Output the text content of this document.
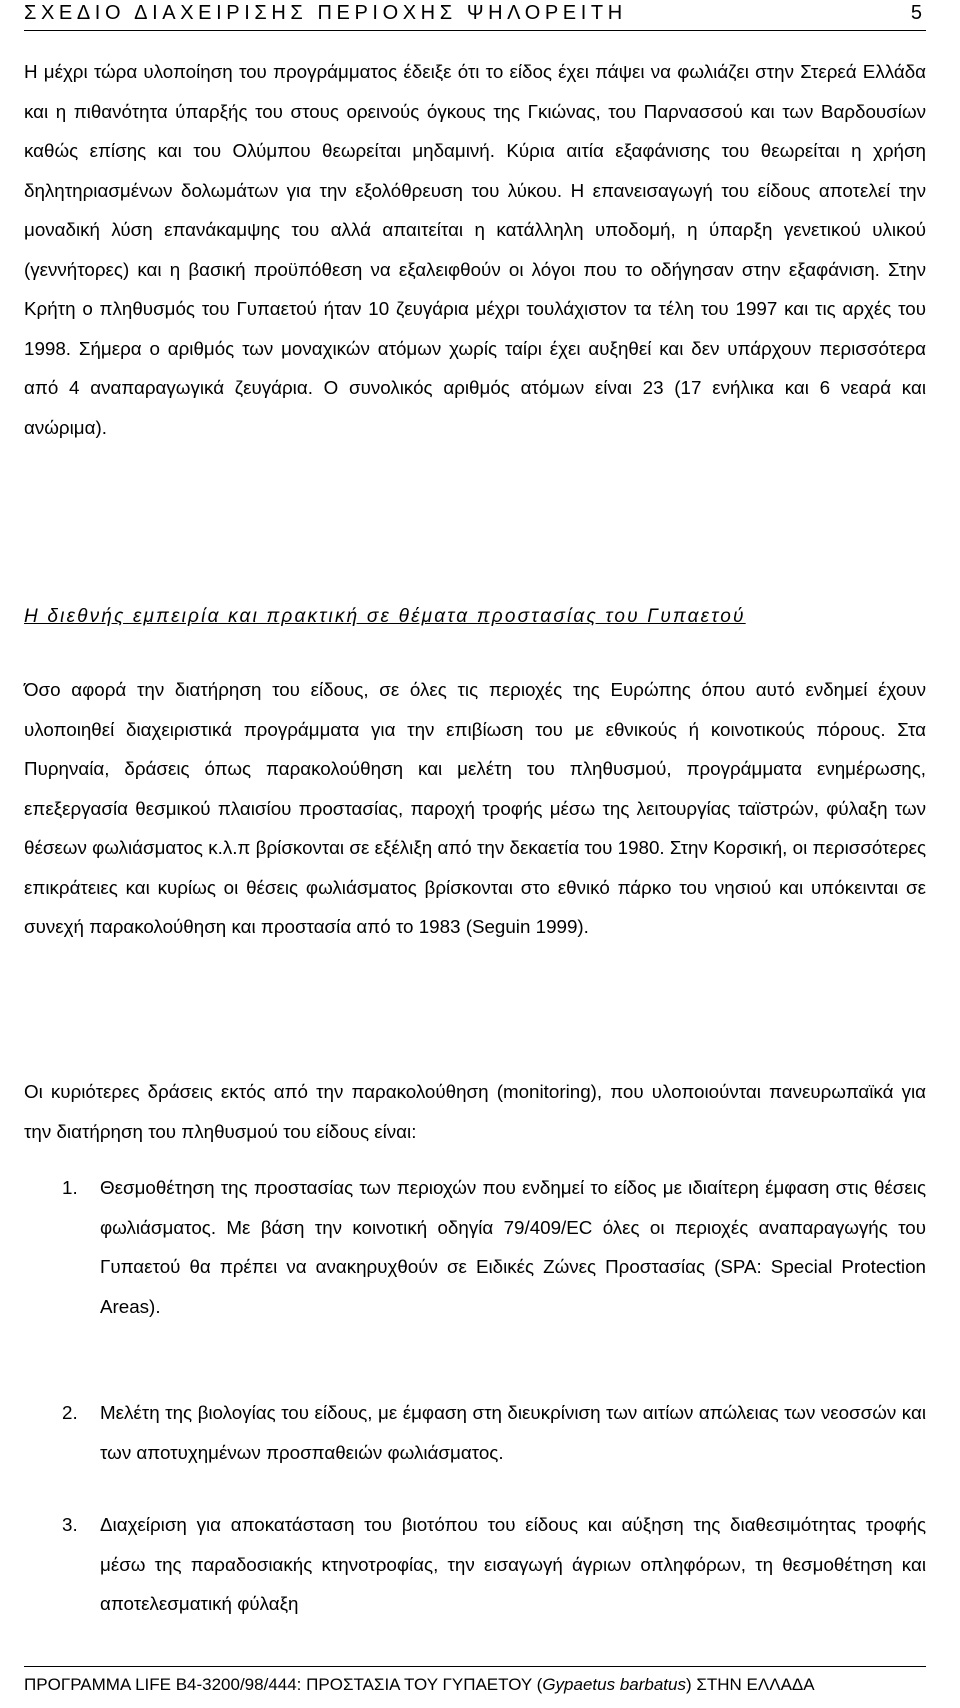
ΣΧΕΔΙΟ ΔΙΑΧΕΙΡΙΣΗΣ ΠΕΡΙΟΧΗΣ ΨΗΛΟΡΕΙΤΗ	5

Η μέχρι τώρα υλοποίηση του προγράμματος έδειξε ότι το είδος έχει πάψει να φωλιάζει στην Στερεά Ελλάδα και η πιθανότητα ύπαρξής του στους ορεινούς όγκους της Γκιώνας, του Παρνασσού και των Βαρδουσίων καθώς επίσης και του Ολύμπου θεωρείται μηδαμινή. Κύρια αιτία εξαφάνισης του θεωρείται η χρήση δηλητηριασμένων δολωμάτων για την εξολόθρευση του λύκου. Η επανεισαγωγή του είδους αποτελεί την μοναδική λύση επανάκαμψης του αλλά απαιτείται η κατάλληλη υποδομή, η ύπαρξη γενετικού υλικού (γεννήτορες) και η βασική προϋπόθεση να εξαλειφθούν οι λόγοι που το οδήγησαν στην εξαφάνιση. Στην Κρήτη ο πληθυσμός του Γυπαετού ήταν 10 ζευγάρια μέχρι τουλάχιστον τα τέλη του 1997 και τις αρχές του 1998. Σήμερα ο αριθμός των μοναχικών ατόμων χωρίς ταίρι έχει αυξηθεί και δεν υπάρχουν περισσότερα από 4 αναπαραγωγικά ζευγάρια. Ο συνολικός αριθμός ατόμων είναι 23 (17 ενήλικα και 6 νεαρά και ανώριμα).

Η διεθνής εμπειρία και πρακτική σε θέματα προστασίας του Γυπαετού

Όσο αφορά την διατήρηση του είδους, σε όλες τις περιοχές της Ευρώπης όπου αυτό ενδημεί έχουν υλοποιηθεί διαχειριστικά προγράμματα για την επιβίωση του με εθνικούς ή κοινοτικούς πόρους. Στα Πυρηναία, δράσεις όπως παρακολούθηση και μελέτη του πληθυσμού, προγράμματα ενημέρωσης, επεξεργασία θεσμικού πλαισίου προστασίας, παροχή τροφής μέσω της λειτουργίας ταϊστρών, φύλαξη των θέσεων φωλιάσματος κ.λ.π βρίσκονται σε εξέλιξη από την δεκαετία του 1980. Στην Κορσική, οι περισσότερες επικράτειες και κυρίως οι θέσεις φωλιάσματος βρίσκονται στο εθνικό πάρκο του νησιού και υπόκεινται σε συνεχή παρακολούθηση και προστασία από το 1983 (Seguin 1999).

Οι κυριότερες δράσεις εκτός από την παρακολούθηση (monitoring), που υλοποιούνται πανευρωπαϊκά για την διατήρηση του πληθυσμού του είδους είναι:

1.	Θεσμοθέτηση της προστασίας των περιοχών που ενδημεί το είδος με ιδιαίτερη έμφαση στις θέσεις φωλιάσματος. Με βάση την κοινοτική οδηγία 79/409/ΕC όλες οι περιοχές αναπαραγωγής του Γυπαετού θα πρέπει να ανακηρυχθούν σε Ειδικές Ζώνες Προστασίας (SPA: Special Protection Areas).
2.	Μελέτη της βιολογίας του είδους, με έμφαση στη διευκρίνιση των αιτίων απώλειας των νεοσσών και των αποτυχημένων προσπαθειών φωλιάσματος.
3.	Διαχείριση για αποκατάσταση του βιοτόπου του είδους και αύξηση της διαθεσιμότητας τροφής μέσω της παραδοσιακής κτηνοτροφίας, την εισαγωγή άγριων οπληφόρων, τη θεσμοθέτηση και αποτελεσματική φύλαξη
ΠΡΟΓΡΑΜΜΑ LIFE B4-3200/98/444: ΠΡΟΣΤΑΣΙΑ ΤΟΥ ΓΥΠΑΕΤΟΥ (Gypaetus barbatus) ΣΤΗΝ ΕΛΛΑΔΑ
